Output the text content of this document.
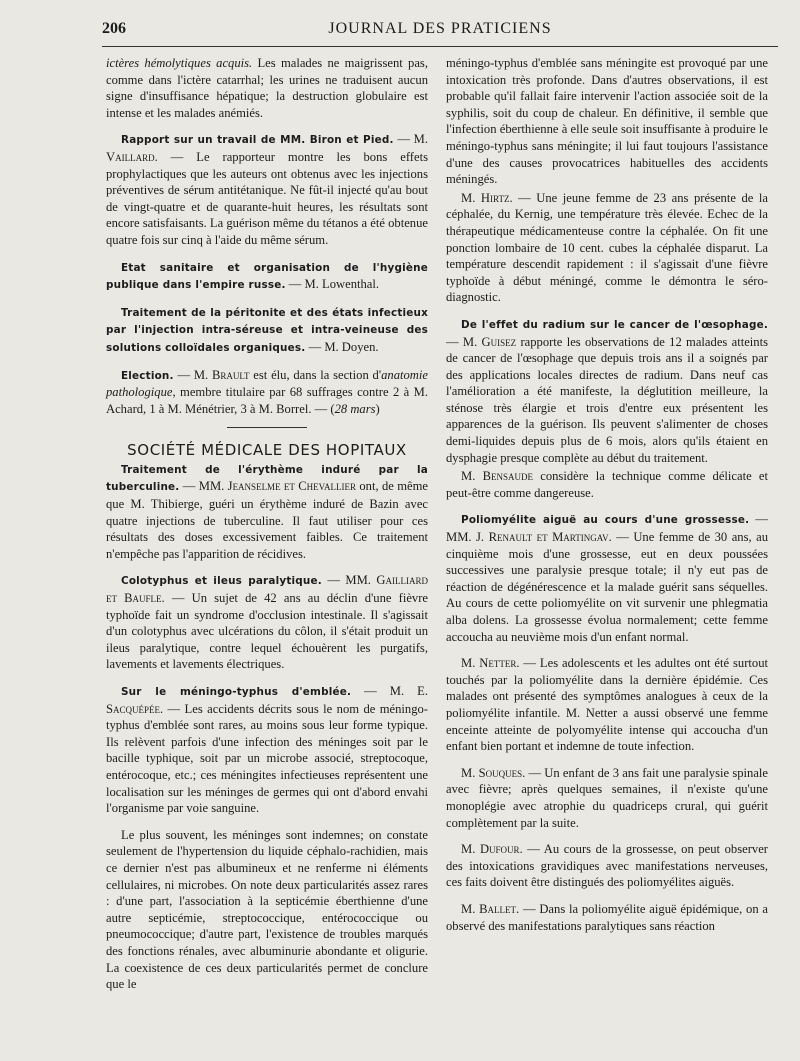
206	JOURNAL DES PRATICIENS

ictères hémolytiques acquis. Les malades ne maigrissent pas, comme dans l'ictère catarrhal; les urines ne traduisent aucun signe d'insuffisance hépatique; la destruction globulaire est intense et les malades anémiés.

Rapport sur un travail de MM. Biron et Pied. — M. Vaillard. — Le rapporteur montre les bons effets prophylactiques que les auteurs ont obtenus avec les injections préventives de sérum antitétanique. Ne fût-il injecté qu'au bout de vingt-quatre et de quarante-huit heures, les résultats sont encore satisfaisants. La guérison même du tétanos a été obtenue quatre fois sur cinq à l'aide du même sérum.

Etat sanitaire et organisation de l'hygiène publique dans l'empire russe. — M. Lowenthal.

Traitement de la péritonite et des états infectieux par l'injection intra-séreuse et intra-veineuse des solutions colloïdales organiques. — M. Doyen.

Election. — M. Brault est élu, dans la section d'anatomie pathologique, membre titulaire par 68 suffrages contre 2 à M. Achard, 1 à M. Ménétrier, 3 à M. Borrel. — (28 mars)

SOCIÉTÉ MÉDICALE DES HOPITAUX

Traitement de l'érythème induré par la tuberculine. — MM. Jeanselme et Chevallier ont, de même que M. Thibierge, guéri un érythème induré de Bazin avec quatre injections de tuberculine. Il faut utiliser pour ces résultats des doses excessivement faibles. Ce traitement n'empêche pas l'apparition de récidives.

Colotyphus et ileus paralytique. — MM. Gailliard et Baufle. — Un sujet de 42 ans au déclin d'une fièvre typhoïde fait un syndrome d'occlusion intestinale. Il s'agissait d'un colotyphus avec ulcérations du côlon, il s'était produit un ileus paralytique, contre lequel échouèrent les purgatifs, lavements et lavements électriques.

Sur le méningo-typhus d'emblée. — M. E. Sacquépée. — Les accidents décrits sous le nom de méningo-typhus d'emblée sont rares, au moins sous leur forme typique. Ils relèvent parfois d'une infection des méninges soit par le bacille typhique, soit par un microbe associé, streptocoque, entérocoque, etc.; ces méningites infectieuses représentent une localisation sur les méninges de germes qui ont d'abord envahi l'organisme par voie sanguine.

Le plus souvent, les méninges sont indemnes; on constate seulement de l'hypertension du liquide céphalo-rachidien, mais ce dernier n'est pas albumineux et ne renferme ni éléments cellulaires, ni microbes. On note deux particularités assez rares : d'une part, l'association à la septicémie éberthienne d'une autre septicémie, streptococcique, entérococcique ou pneumococcique; d'autre part, l'existence de troubles marqués des fonctions rénales, avec albuminurie abondante et oligurie. La coexistence de ces deux particularités permet de conclure que le

méningo-typhus d'emblée sans méningite est provoqué par une intoxication très profonde. Dans d'autres observations, il est probable qu'il fallait faire intervenir l'action associée soit de la syphilis, soit du coup de chaleur. En définitive, il semble que l'infection éberthienne à elle seule soit insuffisante à produire le méningo-typhus sans méningite; il lui faut toujours l'assistance d'une des causes provocatrices habituelles des accidents méningés.

M. Hirtz. — Une jeune femme de 23 ans présente de la céphalée, du Kernig, une température très élevée. Echec de la thérapeutique médicamenteuse contre la céphalée. On fit une ponction lombaire de 10 cent. cubes la céphalée disparut. La température descendit rapidement : il s'agissait d'une fièvre typhoïde à début méningé, comme le démontra le séro-diagnostic.

De l'effet du radium sur le cancer de l'œsophage. — M. Guisez rapporte les observations de 12 malades atteints de cancer de l'œsophage que depuis trois ans il a soignés par des applications locales directes de radium. Dans neuf cas l'amélioration a été manifeste, la déglutition meilleure, la sténose très élargie et trois d'entre eux présentent les apparences de la guérison. Ils peuvent s'alimenter de choses demi-liquides depuis plus de 6 mois, alors qu'ils étaient en dysphagie presque complète au début du traitement.

M. Bensaude considère la technique comme délicate et peut-être comme dangereuse.

Poliomyélite aiguë au cours d'une grossesse. — MM. J. Renault et Martingav. — Une femme de 30 ans, au cinquième mois d'une grossesse, eut en deux poussées successives une paralysie presque totale; il n'y eut pas de réaction de dégénérescence et la malade guérit sans séquelles. Au cours de cette poliomyélite on vit survenir une phlegmatia alba dolens. La grossesse évolua normalement; cette femme accoucha au neuvième mois d'un enfant normal.

M. Netter. — Les adolescents et les adultes ont été surtout touchés par la poliomyélite dans la dernière épidémie. Ces malades ont présenté des symptômes analogues à ceux de la poliomyélite infantile. M. Netter a aussi observé une femme enceinte atteinte de polyomyélite intense qui accoucha d'un enfant bien portant et indemne de toute infection.

M. Souques. — Un enfant de 3 ans fait une paralysie spinale avec fièvre; après quelques semaines, il n'existe qu'une monoplégie avec atrophie du quadriceps crural, qui guérit complètement par la suite.

M. Dufour. — Au cours de la grossesse, on peut observer des intoxications gravidiques avec manifestations nerveuses, ces faits doivent être distingués des poliomyélites aiguës.

M. Ballet. — Dans la poliomyélite aiguë épidémique, on a observé des manifestations paralytiques sans réaction
